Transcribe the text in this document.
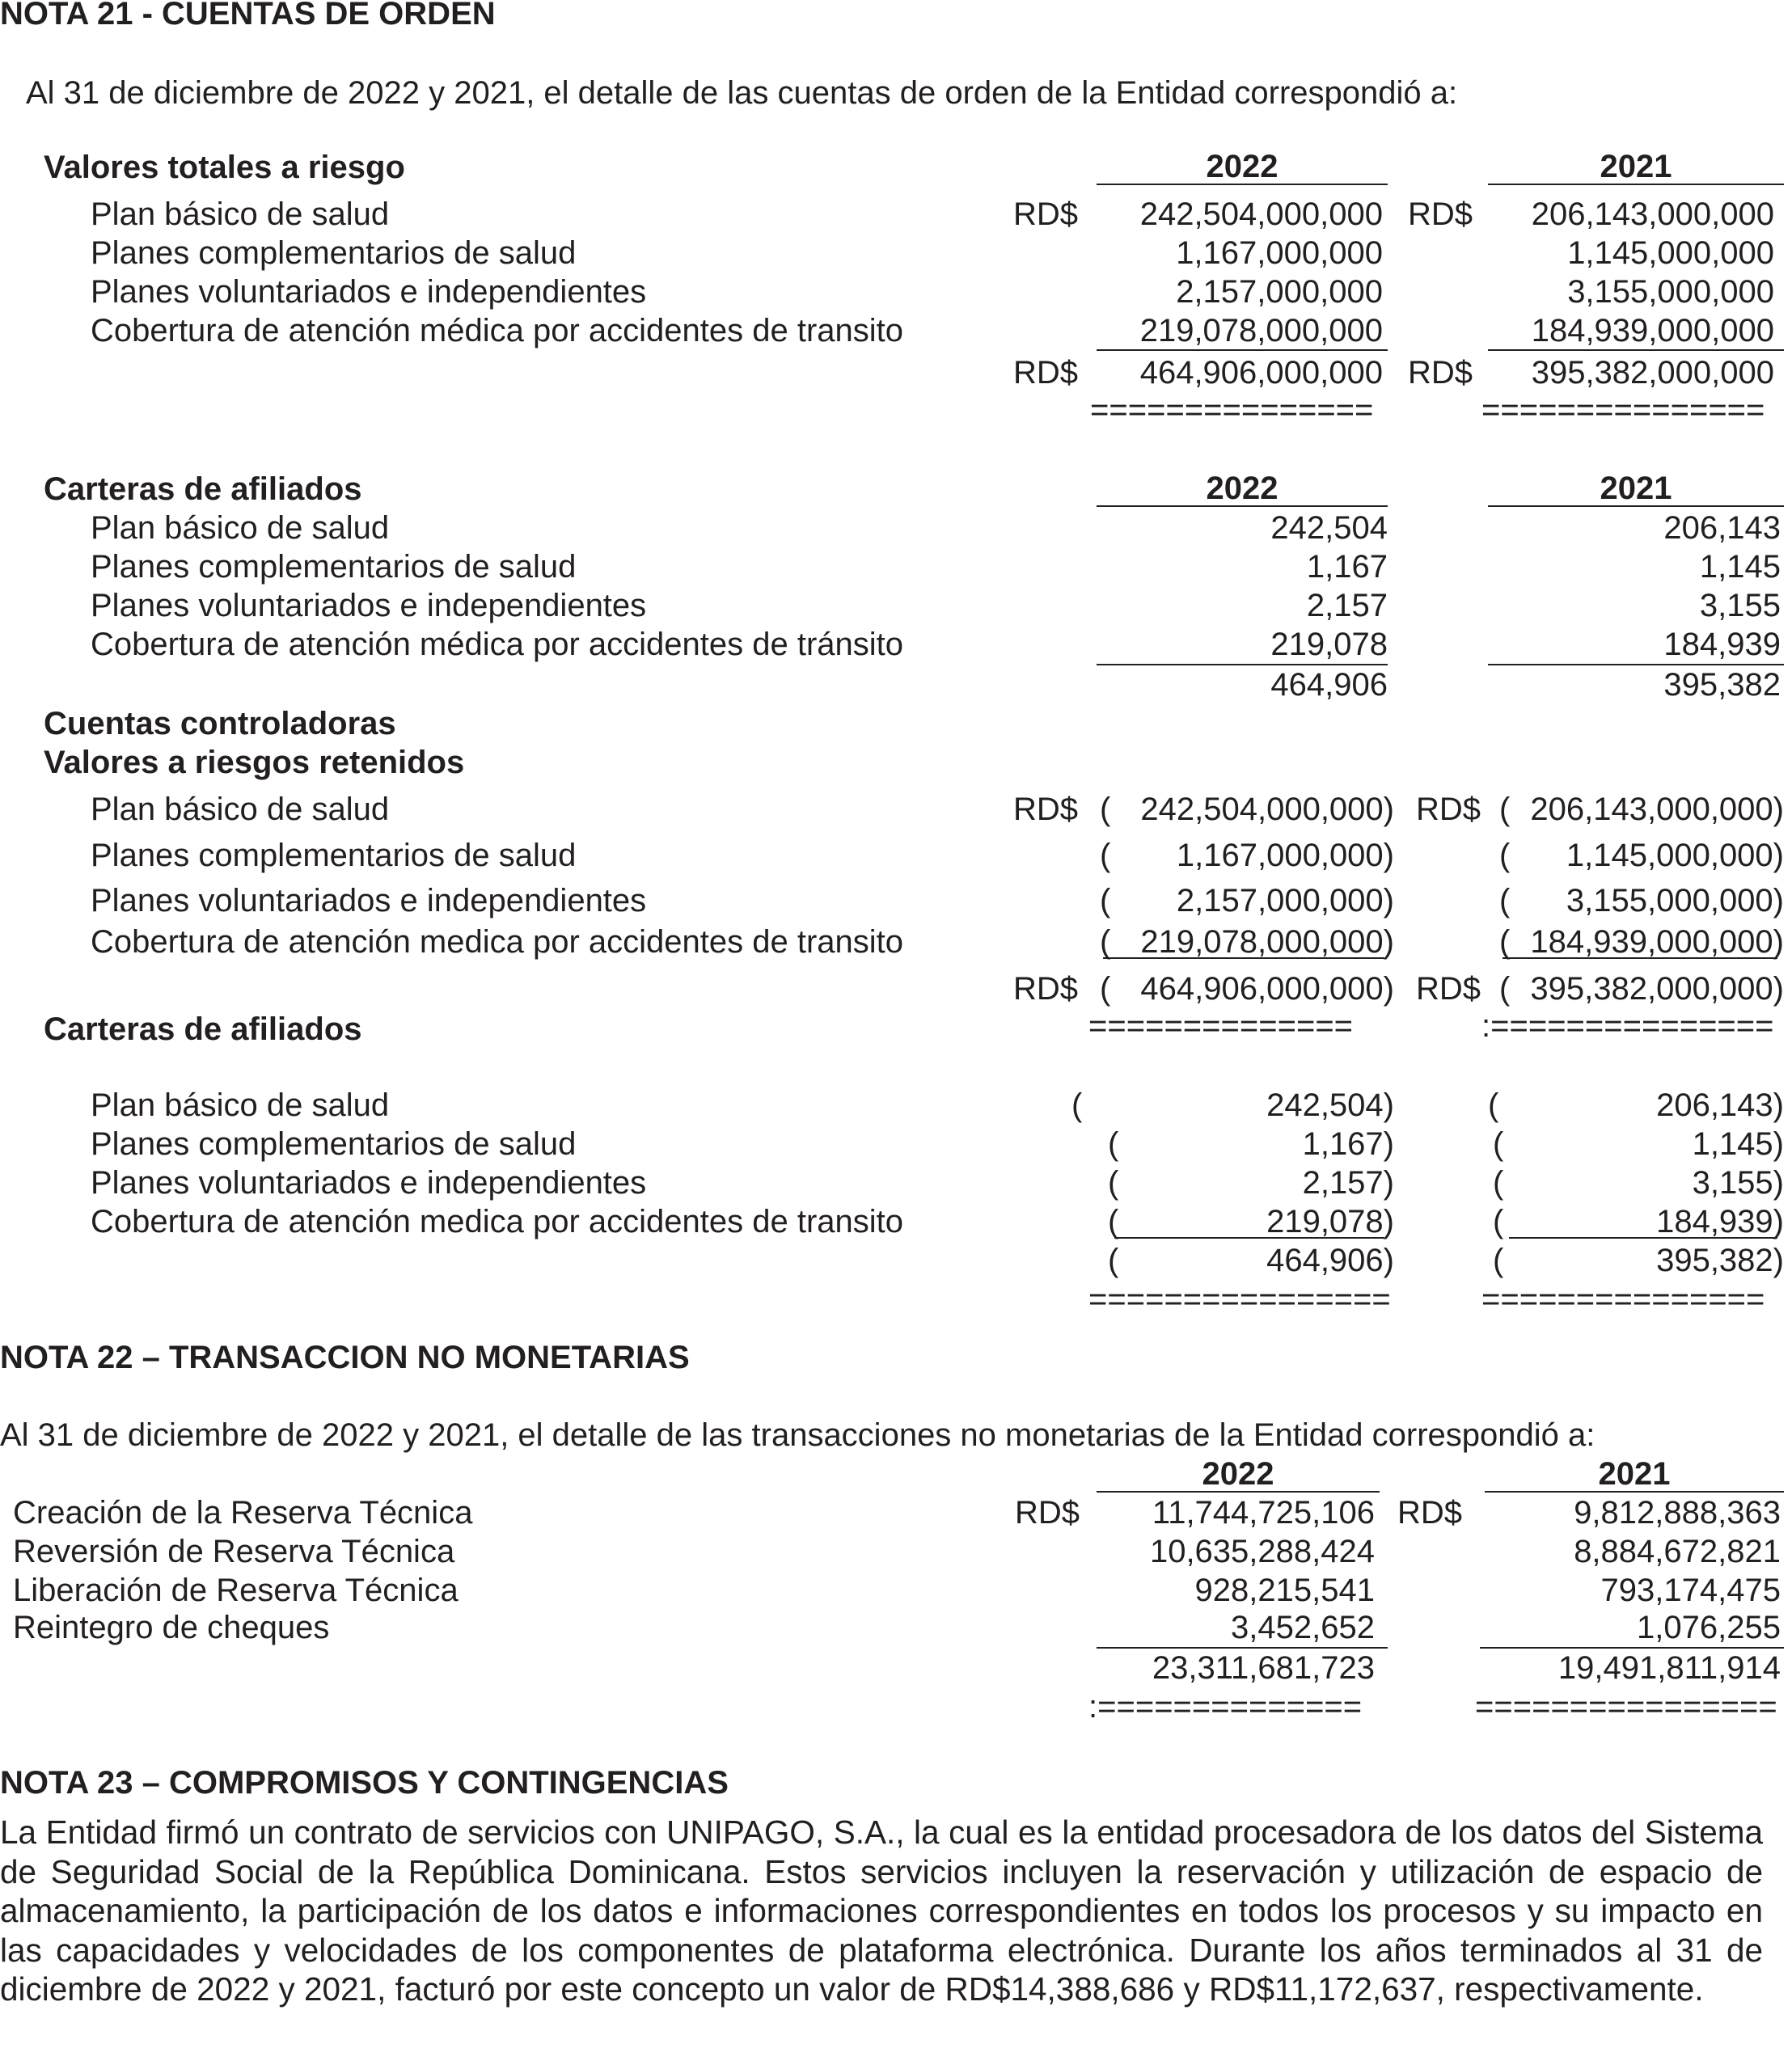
NOTA 21 - CUENTAS DE ORDEN
Al 31 de diciembre de 2022 y 2021, el detalle de las cuentas de orden de la Entidad correspondió a:
Valores totales a riesgo	2022	2021
Plan básico de salud	RD$	242,504,000,000 RD$	206,143,000,000
Planes complementarios de salud	1,167,000,000	1,145,000,000
Planes voluntariados e independientes	2,157,000,000	3,155,000,000
Cobertura de atención médica por accidentes de transito	219,078,000,000	184,939,000,000
RD$	464,906,000,000 RD$	395,382,000,000
===============	===============
Carteras de afiliados	2022	2021
Plan básico de salud	242,504	206,143
Planes complementarios de salud	1,167	1,145
Planes voluntariados e independientes	2,157	3,155
Cobertura de atención médica por accidentes de tránsito	219,078	184,939
464,906	395,382
Cuentas controladoras
Valores a riesgos retenidos
Plan básico de salud	RD$ ( 242,504,000,000) RD$ ( 206,143,000,000)
Planes complementarios de salud	(	1,167,000,000)	(	1,145,000,000)
Planes voluntariados e independientes	(	2,157,000,000)	(	3,155,000,000)
Cobertura de atención medica por accidentes de transito	( 219,078,000,000)	( 184,939,000,000)
RD$ ( 464,906,000,000) RD$ ( 395,382,000,000)
Carteras de afiliados	==============	:===============
Plan básico de salud	(	242,504)	(	206,143)
Planes complementarios de salud	(	1,167)	(	1,145)
Planes voluntariados e independientes	(	2,157)	(	3,155)
Cobertura de atención medica por accidentes de transito	(	219,078)	(	184,939)
(	464,906)	(	395,382)
================	===============
NOTA 22 – TRANSACCION NO MONETARIAS
Al 31 de diciembre de 2022 y 2021, el detalle de las transacciones no monetarias de la Entidad correspondió a:
2022	2021
Creación de la Reserva Técnica	RD$	11,744,725,106 RD$	9,812,888,363
Reversión de Reserva Técnica	10,635,288,424	8,884,672,821
Liberación de Reserva Técnica	928,215,541	793,174,475
Reintegro de cheques	3,452,652	1,076,255
23,311,681,723	19,491,811,914
:==============	================
NOTA 23 – COMPROMISOS Y CONTINGENCIAS
La Entidad firmó un contrato de servicios con UNIPAGO, S.A., la cual es la entidad procesadora de los datos del Sistema de Seguridad Social de la República Dominicana. Estos servicios incluyen la reservación y utilización de espacio de almacenamiento, la participación de los datos e informaciones correspondientes en todos los procesos y su impacto en las capacidades y velocidades de los componentes de plataforma electrónica. Durante los años terminados al 31 de diciembre de 2022 y 2021, facturó por este concepto un valor de RD$14,388,686 y RD$11,172,637, respectivamente.
